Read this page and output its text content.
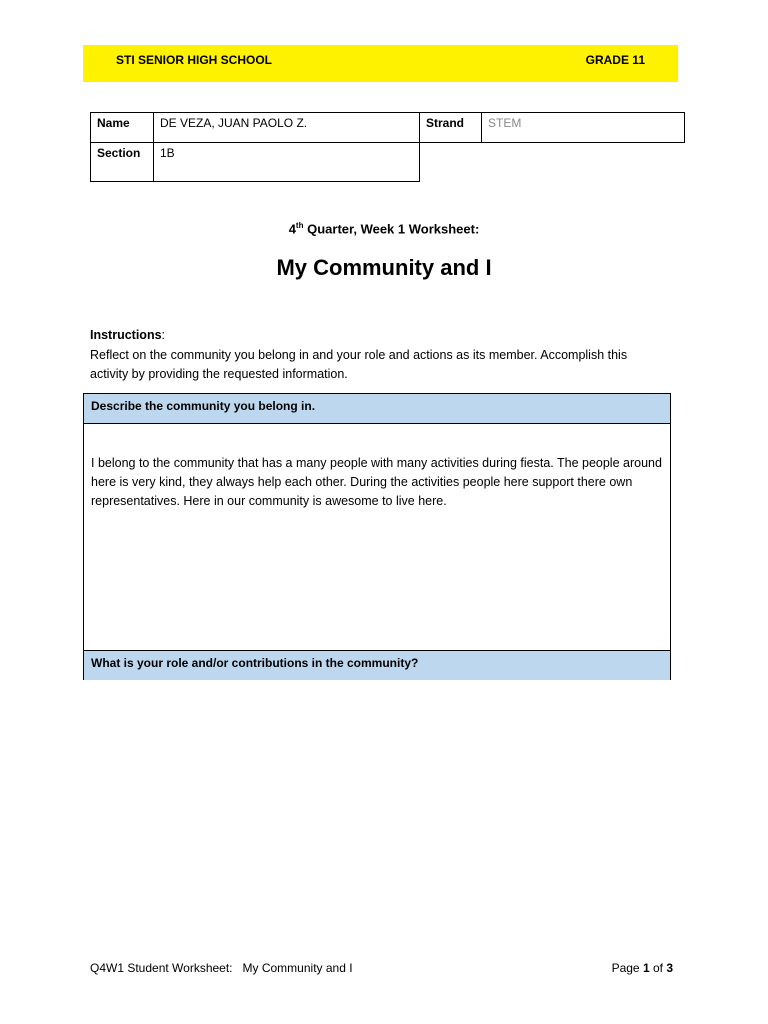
STI SENIOR HIGH SCHOOL	GRADE 11
Name	DE VEZA, JUAN PAOLO Z.	Strand	STEM
Section	1B		
4th Quarter, Week 1 Worksheet:
My Community and I
Instructions:
Reflect on the community you belong in and your role and actions as its member. Accomplish this activity by providing the requested information.
Describe the community you belong in.
I belong to the community that has a many people with many activities during fiesta. The people around here is very kind, they always help each other. During the activities people here support there own representatives. Here in our community is awesome to live here.
What is your role and/or contributions in the community?
Q4W1 Student Worksheet:   My Community and I	Page 1 of 3
